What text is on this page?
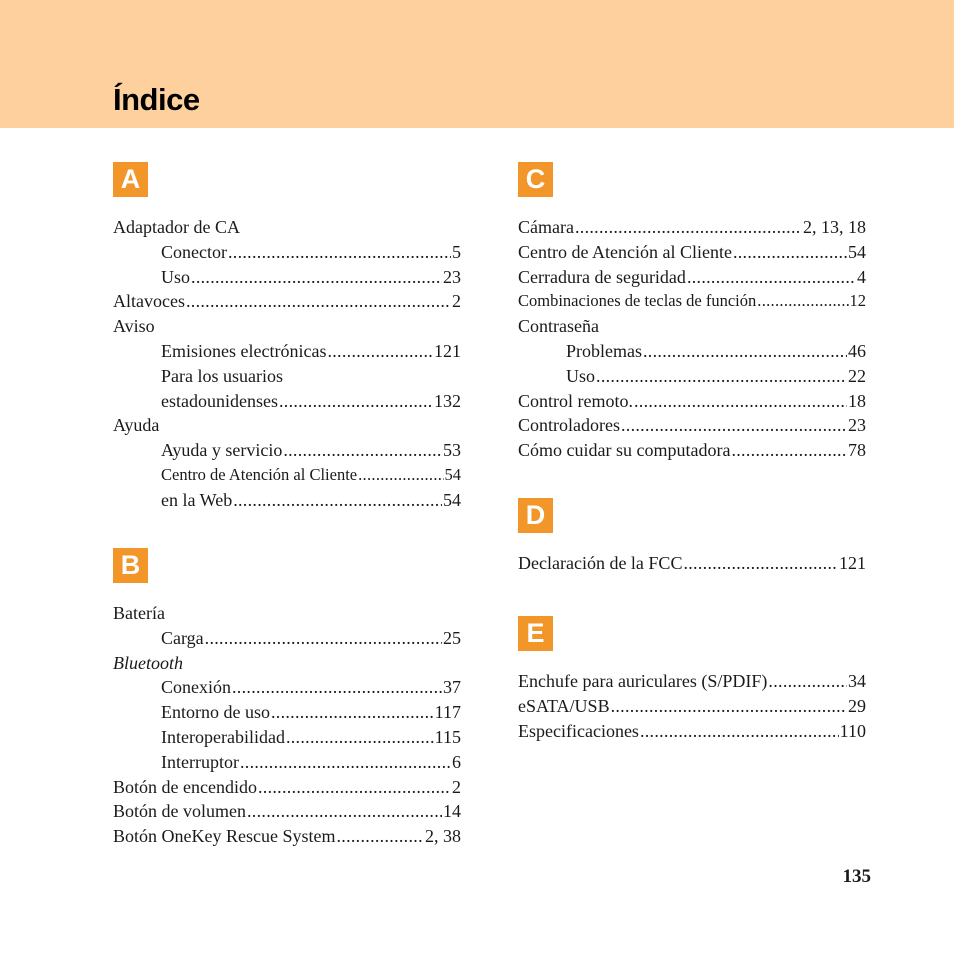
Índice
A
Adaptador de CA
Conector .....	5
Uso .....	23
Altavoces .....	2
Aviso
Emisiones electrónicas .....	121
Para los usuarios
estadounidenses .....	132
Ayuda
Ayuda y servicio .....	53
Centro de Atención al Cliente .....	54
en la Web .....	54
B
Batería
Carga .....	25
Bluetooth
Conexión .....	37
Entorno de uso .....	117
Interoperabilidad .....	115
Interruptor .....	6
Botón de encendido .....	2
Botón de volumen .....	14
Botón OneKey Rescue System .....	2, 38
C
Cámara .....	2, 13, 18
Centro de Atención al Cliente .....	54
Cerradura de seguridad .....	4
Combinaciones de teclas de función .....	12
Contraseña
Problemas .....	46
Uso .....	22
Control remoto. .....	18
Controladores .....	23
Cómo cuidar su computadora .....	78
D
Declaración de la FCC .....	121
E
Enchufe para auriculares (S/PDIF) .....	34
eSATA/USB .....	29
Especificaciones .....	110
135
